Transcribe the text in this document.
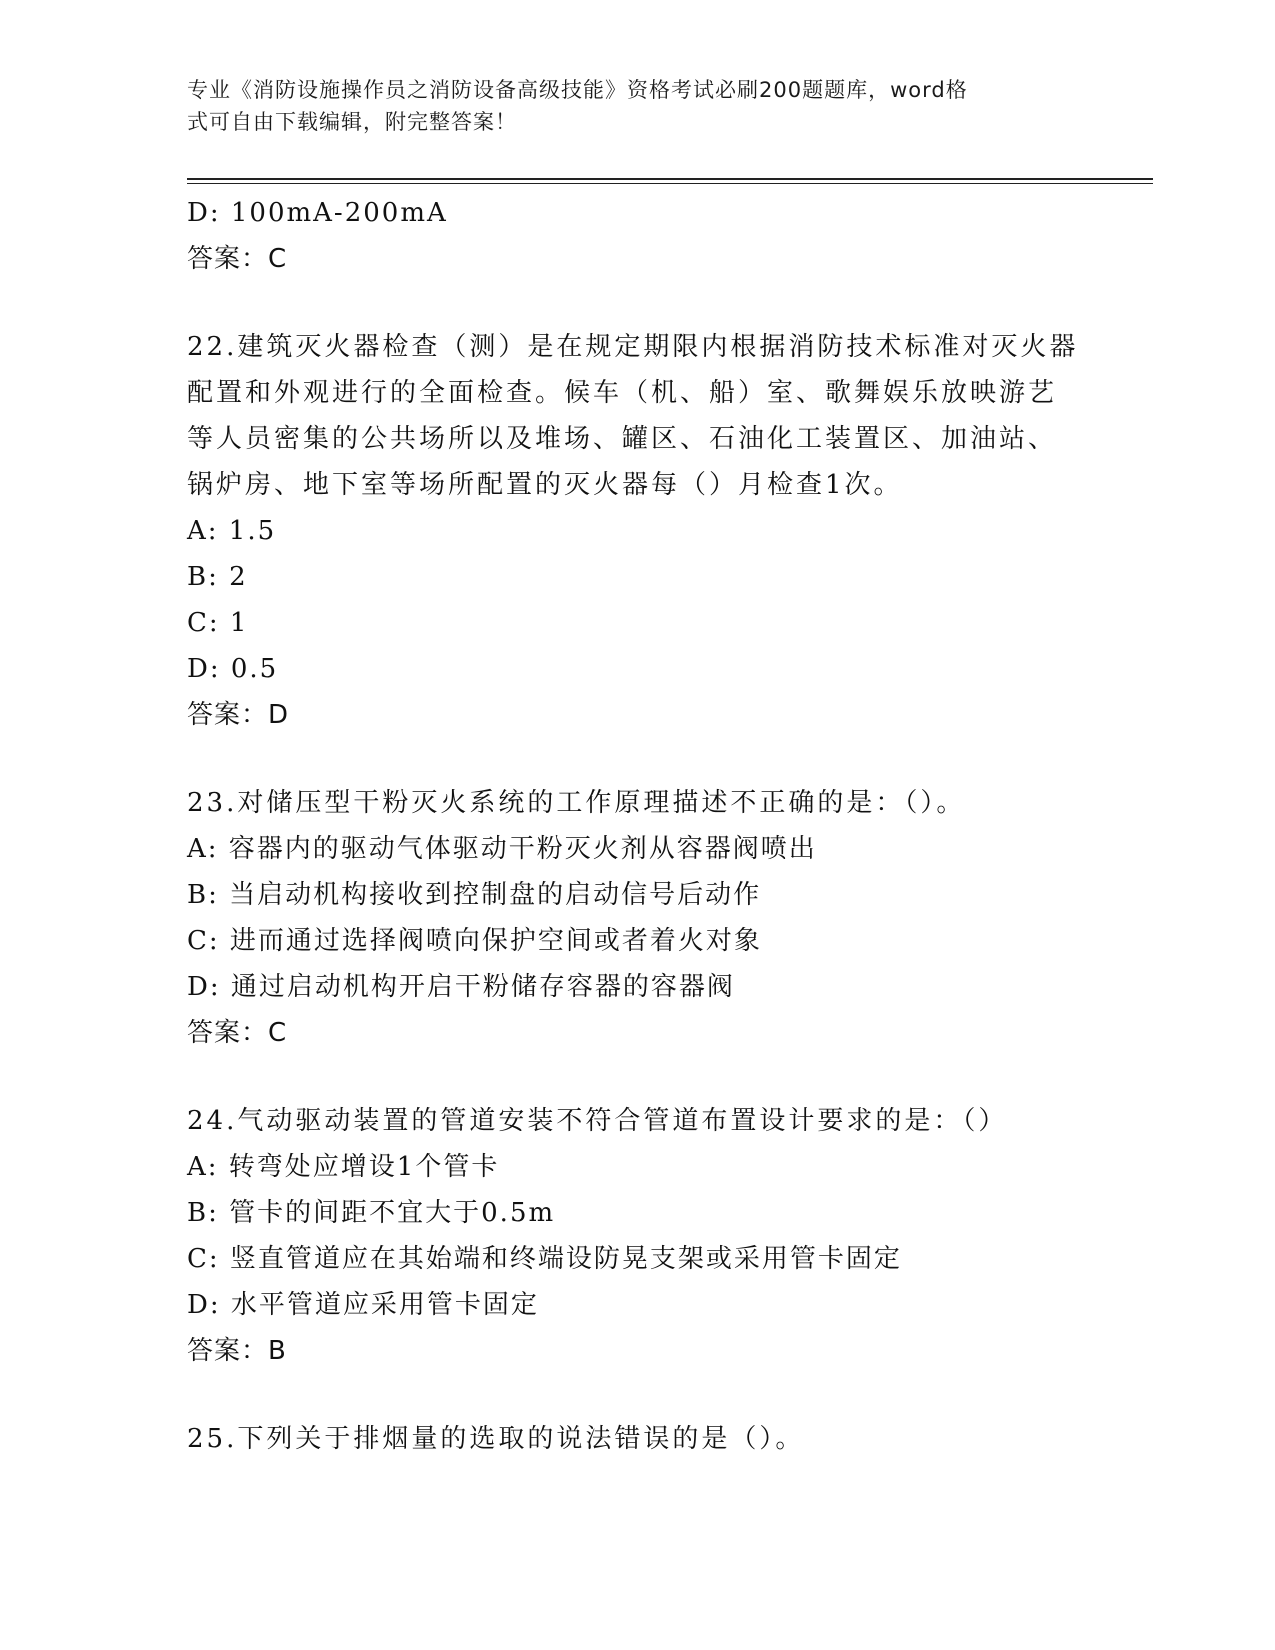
专业《消防设施操作员之消防设备高级技能》资格考试必刷200题题库，word格
式可自由下载编辑，附完整答案！
D: 100mA-200mA
答案：C
22.建筑灭火器检查（测）是在规定期限内根据消防技术标准对灭火器
配置和外观进行的全面检查。候车（机、船）室、歌舞娱乐放映游艺
等人员密集的公共场所以及堆场、罐区、石油化工装置区、加油站、
锅炉房、地下室等场所配置的灭火器每（）月检查1次。
A: 1.5
B: 2
C: 1
D: 0.5
答案：D
23.对储压型干粉灭火系统的工作原理描述不正确的是：（）。
A: 容器内的驱动气体驱动干粉灭火剂从容器阀喷出
B: 当启动机构接收到控制盘的启动信号后动作
C: 进而通过选择阀喷向保护空间或者着火对象
D: 通过启动机构开启干粉储存容器的容器阀
答案：C
24.气动驱动装置的管道安装不符合管道布置设计要求的是：（）
A: 转弯处应增设1个管卡
B: 管卡的间距不宜大于0.5m
C: 竖直管道应在其始端和终端设防晃支架或采用管卡固定
D: 水平管道应采用管卡固定
答案：B
25.下列关于排烟量的选取的说法错误的是（）。
